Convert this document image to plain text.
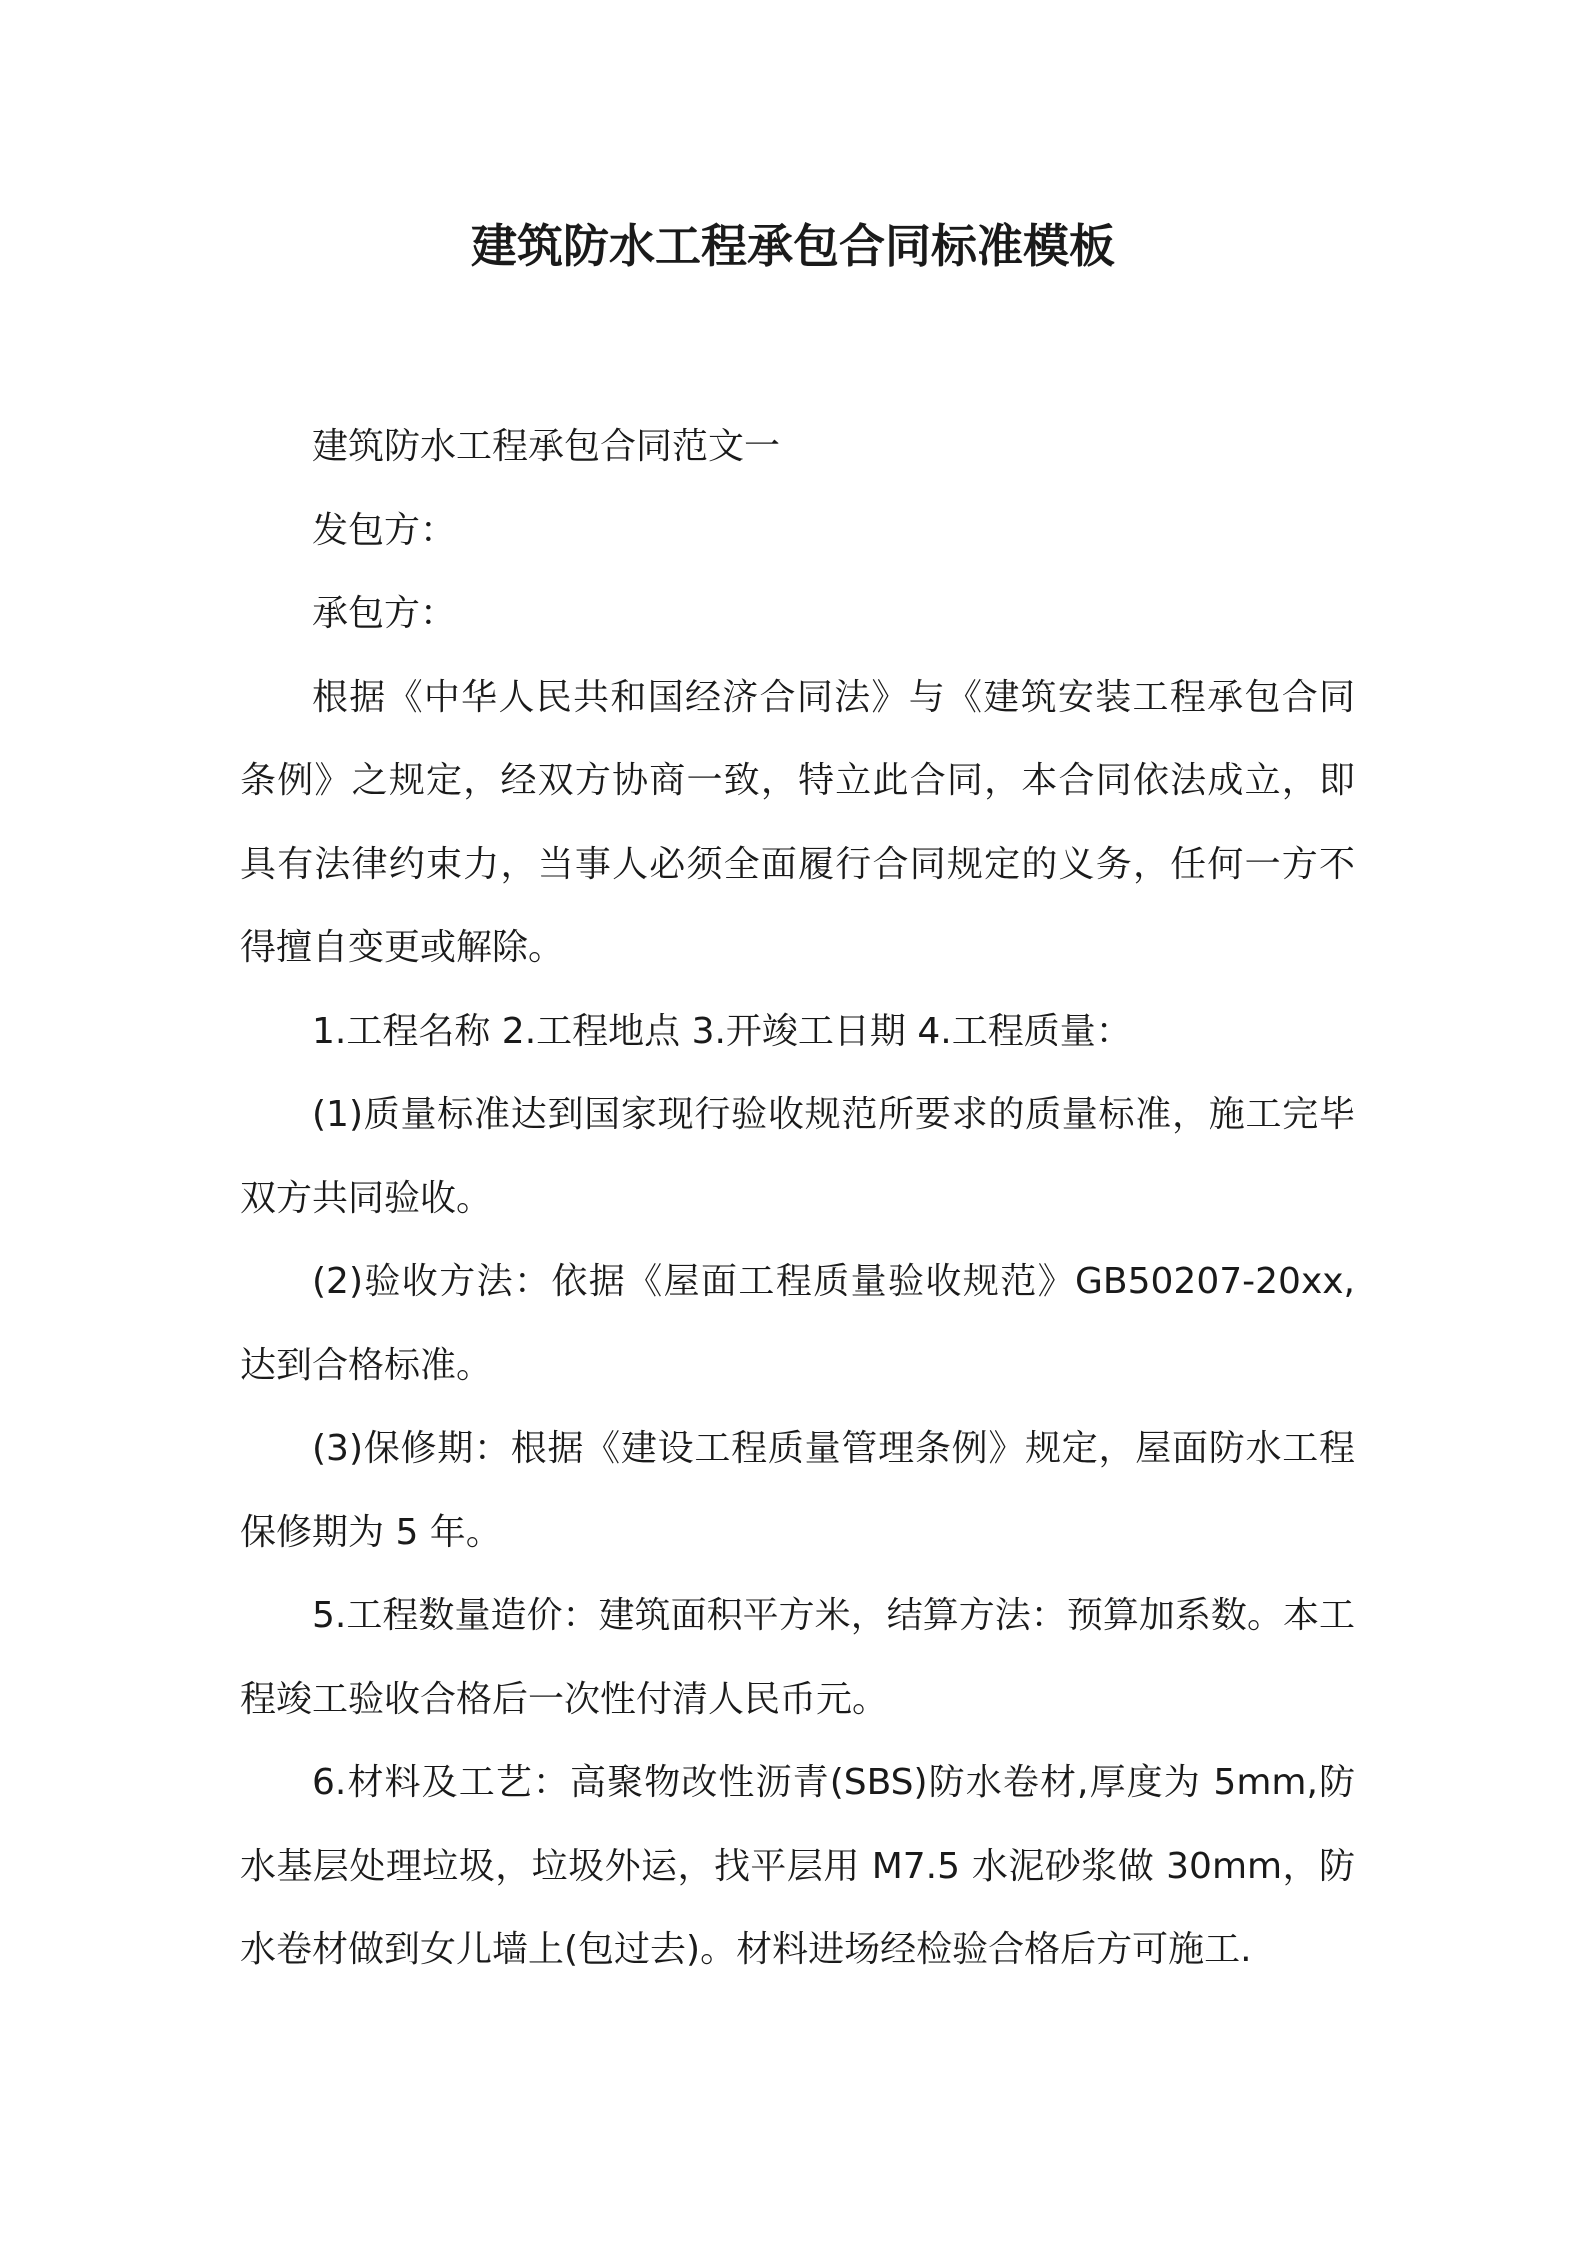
建筑防水工程承包合同标准模板

建筑防水工程承包合同范文一

发包方：

承包方：

根据《中华人民共和国经济合同法》与《建筑安装工程承包合同条例》之规定，经双方协商一致，特立此合同，本合同依法成立，即具有法律约束力，当事人必须全面履行合同规定的义务，任何一方不得擅自变更或解除。

1.工程名称 2.工程地点 3.开竣工日期 4.工程质量：

(1)质量标准达到国家现行验收规范所要求的质量标准，施工完毕双方共同验收。

(2)验收方法：依据《屋面工程质量验收规范》GB50207-20xx,达到合格标准。

(3)保修期：根据《建设工程质量管理条例》规定，屋面防水工程保修期为 5 年。

5.工程数量造价：建筑面积平方米，结算方法：预算加系数。本工程竣工验收合格后一次性付清人民币元。

6.材料及工艺：高聚物改性沥青(SBS)防水卷材,厚度为 5mm,防水基层处理垃圾，垃圾外运，找平层用 M7.5 水泥砂浆做 30mm，防水卷材做到女儿墙上(包过去)。材料进场经检验合格后方可施工.
